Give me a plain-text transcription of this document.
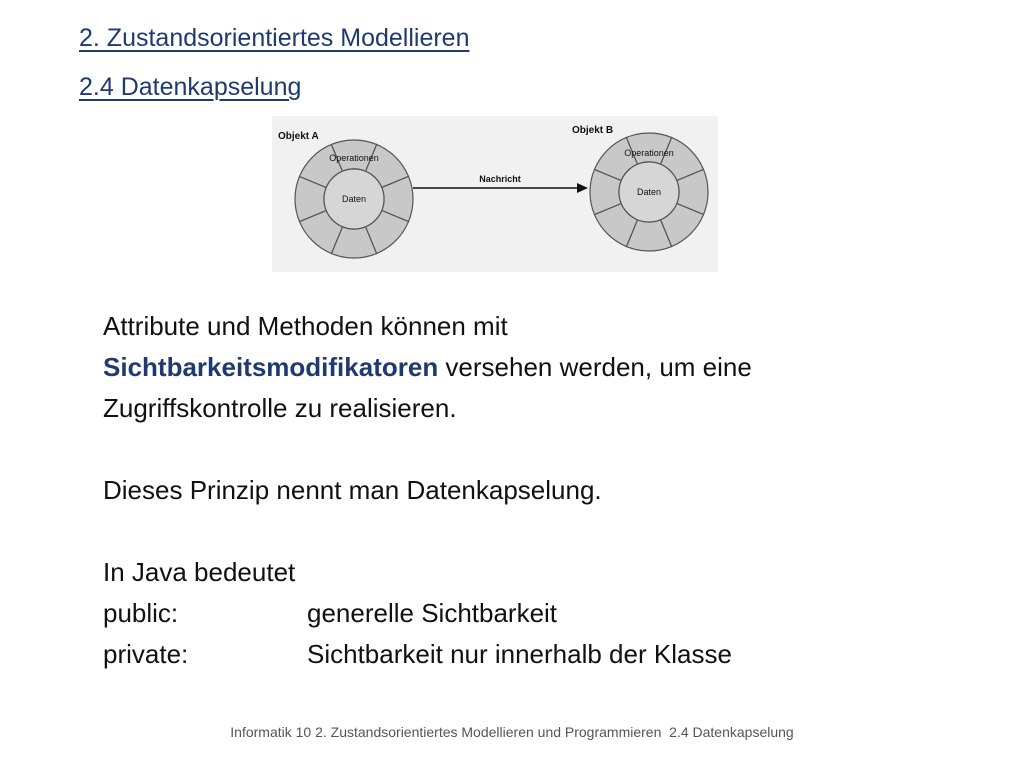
2. Zustandsorientiertes Modellieren
2.4 Datenkapselung
Objekt A
Operationen
Daten
Nachricht
Objekt B
Operationen
Daten

Attribute und Methoden können mit

Sichtbarkeitsmodifikatoren versehen werden, um eine

Zugriffskontrolle zu realisieren.

Dieses Prinzip nennt man Datenkapselung.

In Java bedeutet

public:	generelle Sichtbarkeit

private:	Sichtbarkeit nur innerhalb der Klasse

Informatik 10 2. Zustandsorientiertes Modellieren und Programmieren  2.4 Datenkapselung
